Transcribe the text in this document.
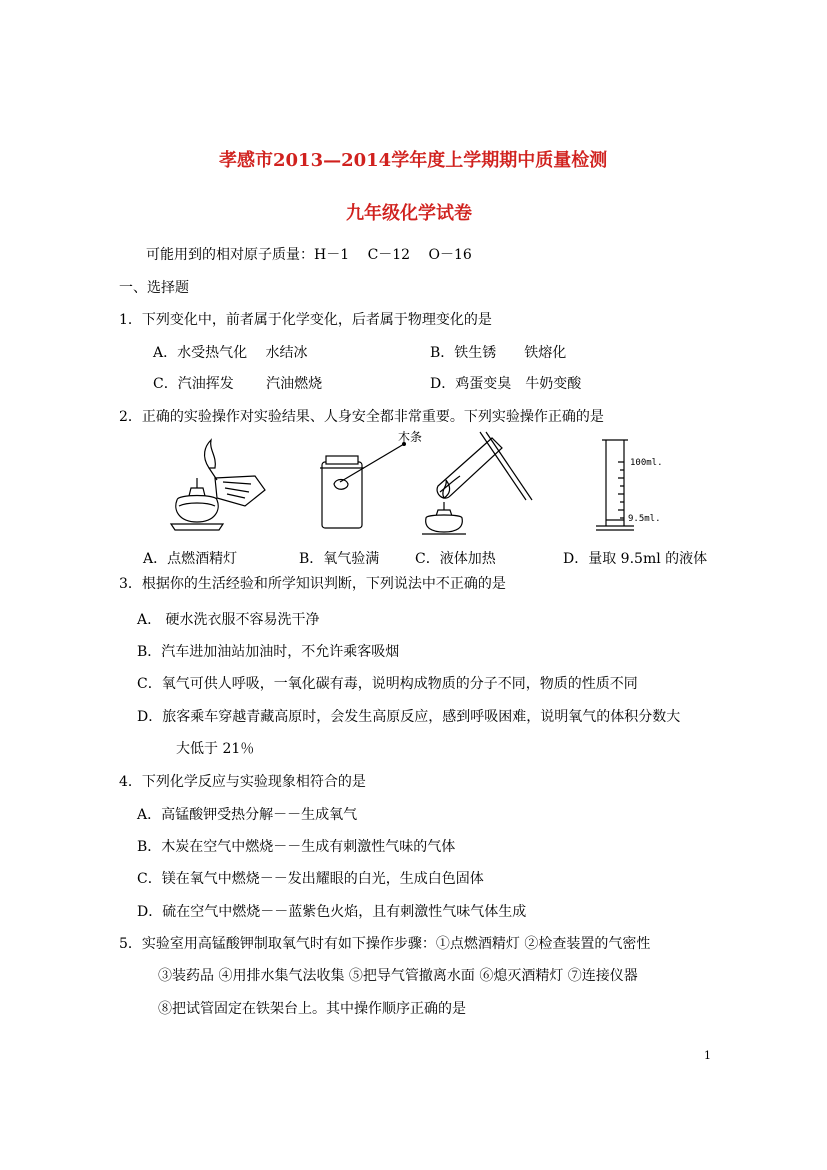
孝感市2013—2014学年度上学期期中质量检测
九年级化学试卷
可能用到的相对原子质量：H－1　 C－12　 O－16
一、选择题
1．下列变化中，前者属于化学变化，后者属于物理变化的是
A．水受热气化　 水结冰	B．铁生锈　　铁熔化
C．汽油挥发　　 汽油燃烧	D．鸡蛋变臭　牛奶变酸
2．正确的实验操作对实验结果、人身安全都非常重要。下列实验操作正确的是
木条
100ml.
9.5ml.
A．点燃酒精灯	B．氧气验满	C．液体加热	D．量取 9.5ml 的液体
3．根据你的生活经验和所学知识判断，下列说法中不正确的是
A.　硬水洗衣服不容易洗干净
B．汽车进加油站加油时，不允许乘客吸烟
C．氧气可供人呼吸，一氧化碳有毒，说明构成物质的分子不同，物质的性质不同
D．旅客乘车穿越青藏高原时，会发生高原反应，感到呼吸困难，说明氧气的体积分数大
大低于 21％
4．下列化学反应与实验现象相符合的是
A．高锰酸钾受热分解－－生成氧气
B．木炭在空气中燃烧－－生成有刺激性气味的气体
C．镁在氧气中燃烧－－发出耀眼的白光，生成白色固体
D．硫在空气中燃烧－－蓝紫色火焰，且有刺激性气味气体生成
5．实验室用高锰酸钾制取氧气时有如下操作步骤：①点燃酒精灯 ②检查装置的气密性
③装药品 ④用排水集气法收集 ⑤把导气管撤离水面 ⑥熄灭酒精灯 ⑦连接仪器
⑧把试管固定在铁架台上。其中操作顺序正确的是
1
